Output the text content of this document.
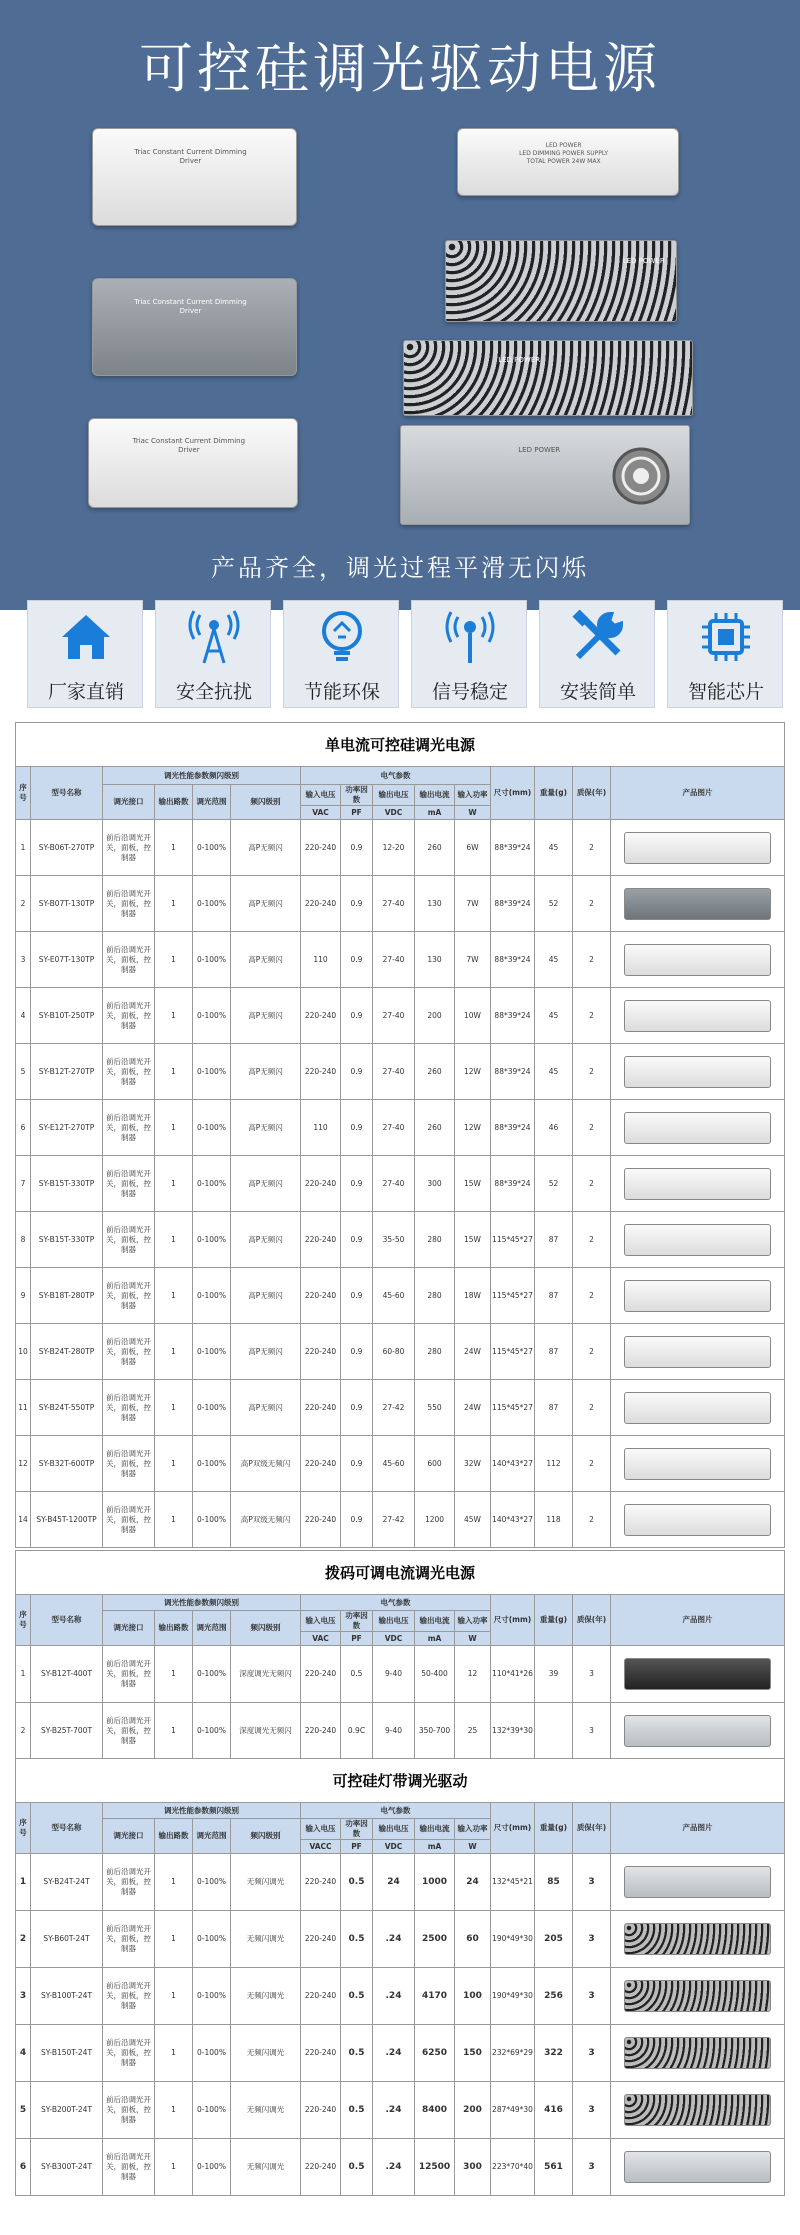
可控硅调光驱动电源
Triac Constant Current Dimming Driver
Triac Constant Current Dimming Driver
Triac Constant Current Dimming Driver
LED POWER
LED DIMMING POWER SUPPLY
TOTAL POWER 24W MAX
LED POWER
LED POWER
LED POWER
产品齐全，调光过程平滑无闪烁
厂家直销	安全抗扰	节能环保	信号稳定	安装简单	智能芯片
单电流可控硅调光电源														
序号	型号名称	调光性能参数频闪级别				电气参数					尺寸(mm)	重量(g)	质保(年)	产品图片
		调光接口	输出路数	调光范围	频闪级别	输入电压	功率因数	输出电压	输出电流	输入功率				
						VAC	PF	VDC	mA	W				
1	SY-B06T-270TP	前后沿调光开关，面板，控制器	1	0-100%	高P无频闪	220-240	0.9	12-20	260	6W	88*39*24	45	2	

2	SY-B07T-130TP	前后沿调光开关，面板，控制器	1	0-100%	高P无频闪	220-240	0.9	27-40	130	7W	88*39*24	52	2	

3	SY-E07T-130TP	前后沿调光开关，面板，控制器	1	0-100%	高P无频闪	110	0.9	27-40	130	7W	88*39*24	45	2	

4	SY-B10T-250TP	前后沿调光开关，面板，控制器	1	0-100%	高P无频闪	220-240	0.9	27-40	200	10W	88*39*24	45	2	

5	SY-B12T-270TP	前后沿调光开关，面板，控制器	1	0-100%	高P无频闪	220-240	0.9	27-40	260	12W	88*39*24	45	2	

6	SY-E12T-270TP	前后沿调光开关，面板，控制器	1	0-100%	高P无频闪	110	0.9	27-40	260	12W	88*39*24	46	2	

7	SY-B15T-330TP	前后沿调光开关，面板，控制器	1	0-100%	高P无频闪	220-240	0.9	27-40	300	15W	88*39*24	52	2	

8	SY-B15T-330TP	前后沿调光开关，面板，控制器	1	0-100%	高P无频闪	220-240	0.9	35-50	280	15W	115*45*27	87	2	

9	SY-B18T-280TP	前后沿调光开关，面板，控制器	1	0-100%	高P无频闪	220-240	0.9	45-60	280	18W	115*45*27	87	2	

10	SY-B24T-280TP	前后沿调光开关，面板，控制器	1	0-100%	高P无频闪	220-240	0.9	60-80	280	24W	115*45*27	87	2	

11	SY-B24T-550TP	前后沿调光开关，面板，控制器	1	0-100%	高P无频闪	220-240	0.9	27-42	550	24W	115*45*27	87	2	

12	SY-B32T-600TP	前后沿调光开关，面板，控制器	1	0-100%	高P双级无频闪	220-240	0.9	45-60	600	32W	140*43*27	112	2	

14	SY-B45T-1200TP	前后沿调光开关，面板，控制器	1	0-100%	高P双级无频闪	220-240	0.9	27-42	1200	45W	140*43*27	118	2	
拨码可调电流调光电源														
序号	型号名称	调光性能参数频闪级别				电气参数					尺寸(mm)	重量(g)	质保(年)	产品图片
		调光接口	输出路数	调光范围	频闪级别	输入电压	功率因数	输出电压	输出电流	输入功率				
						VAC	PF	VDC	mA	W				
1	SY-B12T-400T	前后沿调光开关，面板，控制器	1	0-100%	深度调光无频闪	220-240	0.5	9-40	50-400	12	110*41*26	39	3	

2	SY-B25T-700T	前后沿调光开关，面板，控制器	1	0-100%	深度调光无频闪	220-240	0.9C	9-40	350-700	25	132*39*30		3	
可控硅灯带调光驱动														
序号	型号名称	调光性能参数频闪级别				电气参数					尺寸(mm)	重量(g)	质保(年)	产品图片
		调光接口	输出路数	调光范围	频闪级别	输入电压	功率因数	输出电压	输出电流	输入功率				
						VACC	PF	VDC	mA	W				
1	SY-B24T-24T	前后沿调光开关，面板，控制器	1	0-100%	无频闪调光	220-240	0.5	24	1000	24	132*45*21	85	3	

2	SY-B60T-24T	前后沿调光开关，面板，控制器	1	0-100%	无频闪调光	220-240	0.5	.24	2500	60	190*49*30	205	3	

3	SY-B100T-24T	前后沿调光开关，面板，控制器	1	0-100%	无频闪调光	220-240	0.5	.24	4170	100	190*49*30	256	3	

4	SY-B150T-24T	前后沿调光开关，面板，控制器	1	0-100%	无频闪调光	220-240	0.5	.24	6250	150	232*69*29	322	3	

5	SY-B200T-24T	前后沿调光开关，面板，控制器	1	0-100%	无频闪调光	220-240	0.5	.24	8400	200	287*49*30	416	3	

6	SY-B300T-24T	前后沿调光开关，面板，控制器	1	0-100%	无频闪调光	220-240	0.5	.24	12500	300	223*70*40	561	3	
